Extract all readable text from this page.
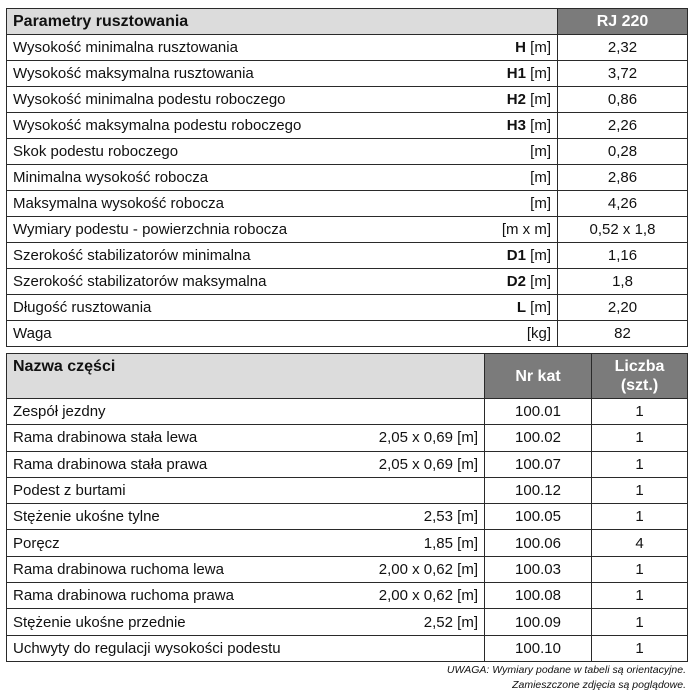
Parametry rusztowania		RJ 220
Wysokość minimalna rusztowania	H [m]	2,32
Wysokość maksymalna rusztowania	H1 [m]	3,72
Wysokość minimalna podestu roboczego	H2 [m]	0,86
Wysokość maksymalna podestu roboczego	H3 [m]	2,26
Skok podestu roboczego	[m]	0,28
Minimalna wysokość robocza	[m]	2,86
Maksymalna wysokość robocza	[m]	4,26
Wymiary podestu - powierzchnia robocza	[m x m]	0,52 x 1,8
Szerokość stabilizatorów minimalna	D1 [m]	1,16
Szerokość stabilizatorów maksymalna	D2 [m]	1,8
Długość rusztowania	L [m]	2,20
Waga	[kg]	82
Nazwa części		Nr kat	Liczba
(szt.)
Zespół jezdny		100.01	1
Rama drabinowa stała lewa	2,05 x 0,69 [m]	100.02	1
Rama drabinowa stała prawa	2,05 x 0,69 [m]	100.07	1
Podest z burtami		100.12	1
Stężenie ukośne tylne	2,53 [m]	100.05	1
Poręcz	1,85 [m]	100.06	4
Rama drabinowa ruchoma lewa	2,00 x 0,62 [m]	100.03	1
Rama drabinowa ruchoma prawa	2,00 x 0,62 [m]	100.08	1
Stężenie ukośne przednie	2,52 [m]	100.09	1
Uchwyty do regulacji wysokości podestu		100.10	1
UWAGA: Wymiary podane w tabeli są orientacyjne.
Zamieszczone zdjęcia są poglądowe.
